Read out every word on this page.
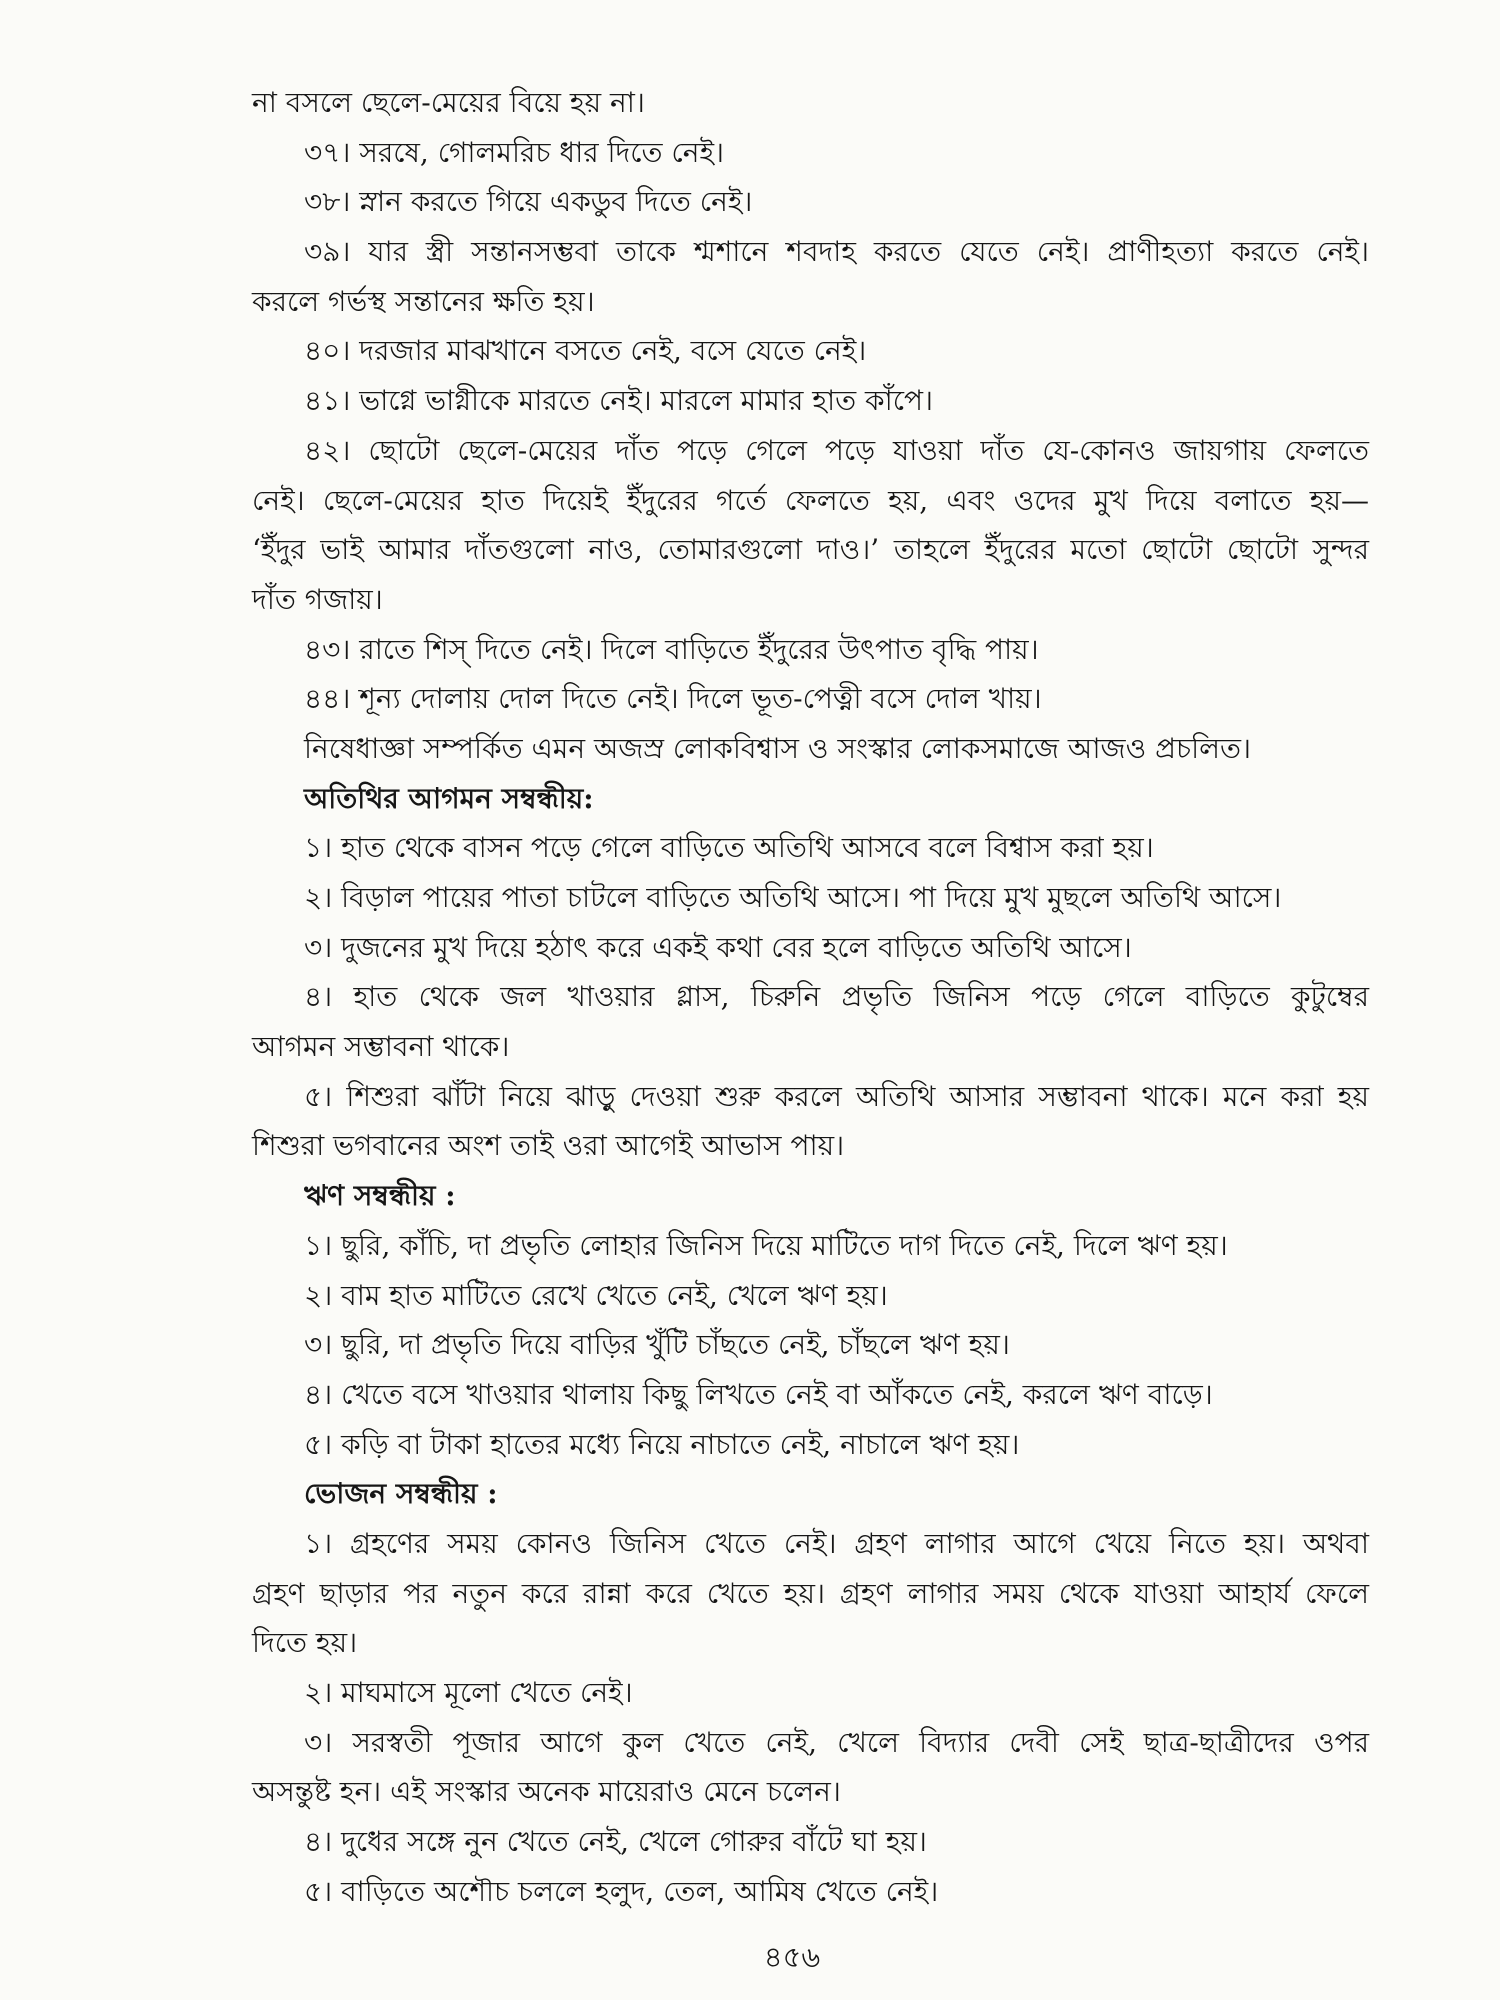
না বসলে ছেলে-মেয়ের বিয়ে হয় না।
৩৭। সরষে, গোলমরিচ ধার দিতে নেই।
৩৮। স্নান করতে গিয়ে একডুব দিতে নেই।
৩৯। যার স্ত্রী সন্তানসম্ভবা তাকে শ্মশানে শবদাহ করতে যেতে নেই। প্রাণীহত্যা করতে নেই।
করলে গর্ভস্থ সন্তানের ক্ষতি হয়।
৪০। দরজার মাঝখানে বসতে নেই, বসে যেতে নেই।
৪১। ভাগ্নে ভাগ্নীকে মারতে নেই। মারলে মামার হাত কাঁপে।
৪২। ছোটো ছেলে-মেয়ের দাঁত পড়ে গেলে পড়ে যাওয়া দাঁত যে-কোনও জায়গায় ফেলতে
নেই। ছেলে-মেয়ের হাত দিয়েই ইঁদুরের গর্তে ফেলতে হয়, এবং ওদের মুখ দিয়ে বলাতে হয়—
‘ইঁদুর ভাই আমার দাঁতগুলো নাও, তোমারগুলো দাও।’ তাহলে ইঁদুরের মতো ছোটো ছোটো সুন্দর
দাঁত গজায়।
৪৩। রাতে শিস্ দিতে নেই। দিলে বাড়িতে ইঁদুরের উৎপাত বৃদ্ধি পায়।
৪৪। শূন্য দোলায় দোল দিতে নেই। দিলে ভূত-পেত্নী বসে দোল খায়।
নিষেধাজ্ঞা সম্পর্কিত এমন অজস্র লোকবিশ্বাস ও সংস্কার লোকসমাজে আজও প্রচলিত।
অতিথির আগমন সম্বন্ধীয়:
১। হাত থেকে বাসন পড়ে গেলে বাড়িতে অতিথি আসবে বলে বিশ্বাস করা হয়।
২। বিড়াল পায়ের পাতা চাটলে বাড়িতে অতিথি আসে। পা দিয়ে মুখ মুছলে অতিথি আসে।
৩। দুজনের মুখ দিয়ে হঠাৎ করে একই কথা বের হলে বাড়িতে অতিথি আসে।
৪। হাত থেকে জল খাওয়ার গ্লাস, চিরুনি প্রভৃতি জিনিস পড়ে গেলে বাড়িতে কুটুম্বের
আগমন সম্ভাবনা থাকে।
৫। শিশুরা ঝাঁটা নিয়ে ঝাড়ু দেওয়া শুরু করলে অতিথি আসার সম্ভাবনা থাকে। মনে করা হয়
শিশুরা ভগবানের অংশ তাই ওরা আগেই আভাস পায়।
ঋণ সম্বন্ধীয় :
১। ছুরি, কাঁচি, দা প্রভৃতি লোহার জিনিস দিয়ে মাটিতে দাগ দিতে নেই, দিলে ঋণ হয়।
২। বাম হাত মাটিতে রেখে খেতে নেই, খেলে ঋণ হয়।
৩। ছুরি, দা প্রভৃতি দিয়ে বাড়ির খুঁটি চাঁছতে নেই, চাঁছলে ঋণ হয়।
৪। খেতে বসে খাওয়ার থালায় কিছু লিখতে নেই বা আঁকতে নেই, করলে ঋণ বাড়ে।
৫। কড়ি বা টাকা হাতের মধ্যে নিয়ে নাচাতে নেই, নাচালে ঋণ হয়।
ভোজন সম্বন্ধীয় :
১। গ্রহণের সময় কোনও জিনিস খেতে নেই। গ্রহণ লাগার আগে খেয়ে নিতে হয়। অথবা
গ্রহণ ছাড়ার পর নতুন করে রান্না করে খেতে হয়। গ্রহণ লাগার সময় থেকে যাওয়া আহার্য ফেলে
দিতে হয়।
২। মাঘমাসে মূলো খেতে নেই।
৩। সরস্বতী পূজার আগে কুল খেতে নেই, খেলে বিদ্যার দেবী সেই ছাত্র-ছাত্রীদের ওপর
অসন্তুষ্ট হন। এই সংস্কার অনেক মায়েরাও মেনে চলেন।
৪। দুধের সঙ্গে নুন খেতে নেই, খেলে গোরুর বাঁটে ঘা হয়।
৫। বাড়িতে অশৌচ চললে হলুদ, তেল, আমিষ খেতে নেই।
৪৫৬
